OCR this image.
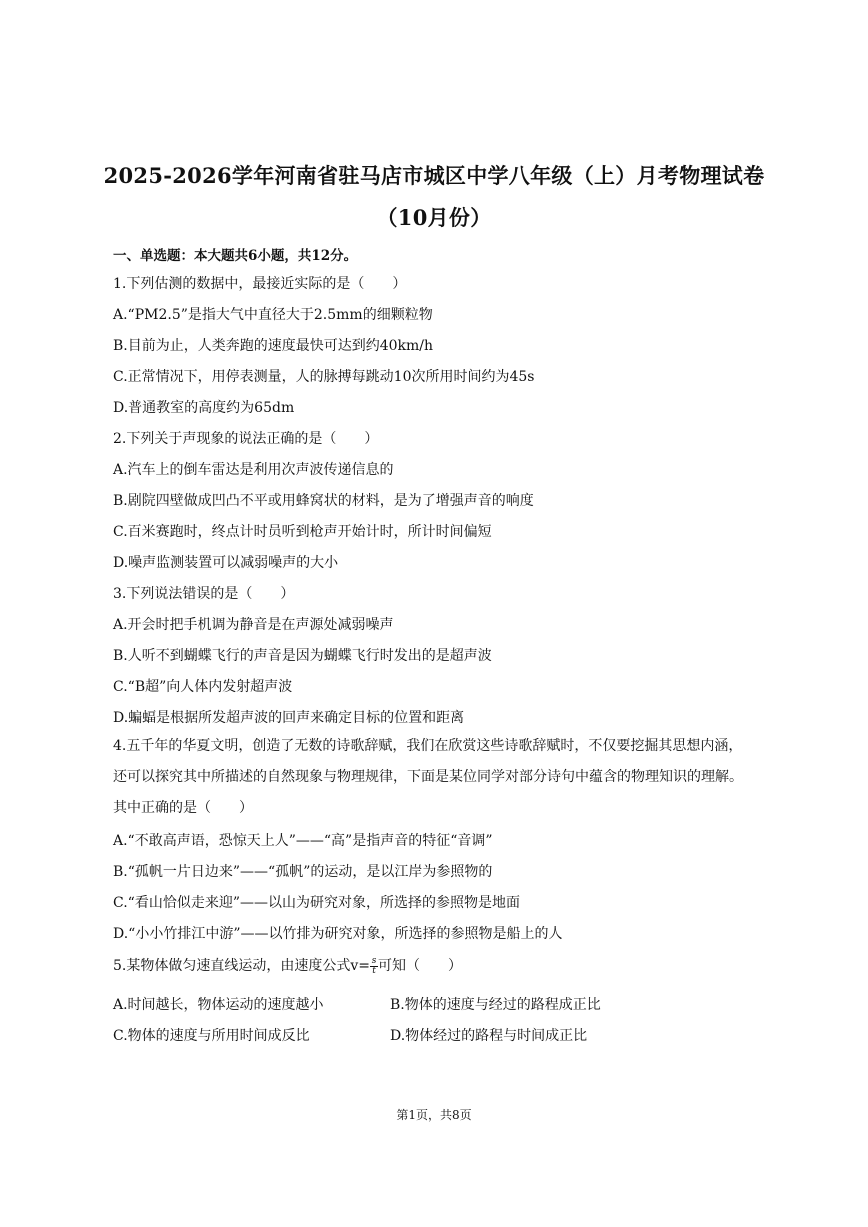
2025-2026学年河南省驻马店市城区中学八年级（上）月考物理试卷
（10月份）
一、单选题：本大题共6小题，共12分。
1.下列估测的数据中，最接近实际的是（　　）
A.“PM2.5”是指大气中直径大于2.5mm的细颗粒物
B.目前为止，人类奔跑的速度最快可达到约40km/h
C.正常情况下，用停表测量，人的脉搏每跳动10次所用时间约为45s
D.普通教室的高度约为65dm
2.下列关于声现象的说法正确的是（　　）
A.汽车上的倒车雷达是利用次声波传递信息的
B.剧院四壁做成凹凸不平或用蜂窝状的材料，是为了增强声音的响度
C.百米赛跑时，终点计时员听到枪声开始计时，所计时间偏短
D.噪声监测装置可以减弱噪声的大小
3.下列说法错误的是（　　）
A.开会时把手机调为静音是在声源处减弱噪声
B.人听不到蝴蝶飞行的声音是因为蝴蝶飞行时发出的是超声波
C.“B超”向人体内发射超声波
D.蝙蝠是根据所发超声波的回声来确定目标的位置和距离
4.五千年的华夏文明，创造了无数的诗歌辞赋，我们在欣赏这些诗歌辞赋时，不仅要挖掘其思想内涵，还可以探究其中所描述的自然现象与物理规律，下面是某位同学对部分诗句中蕴含的物理知识的理解。其中正确的是（　　）
A.“不敢高声语，恐惊天上人”——“高”是指声音的特征“音调”
B.“孤帆一片日边来”——“孤帆”的运动，是以江岸为参照物的
C.“看山恰似走来迎”——以山为研究对象，所选择的参照物是地面
D.“小小竹排江中游”——以竹排为研究对象，所选择的参照物是船上的人
5.某物体做匀速直线运动，由速度公式$v= \frac{s}{t}$ 可知（　　）
A.时间越长，物体运动的速度越小	B.物体的速度与经过的路程成正比
C.物体的速度与所用时间成反比	D.物体经过的路程与时间成正比
第1页，共8页
